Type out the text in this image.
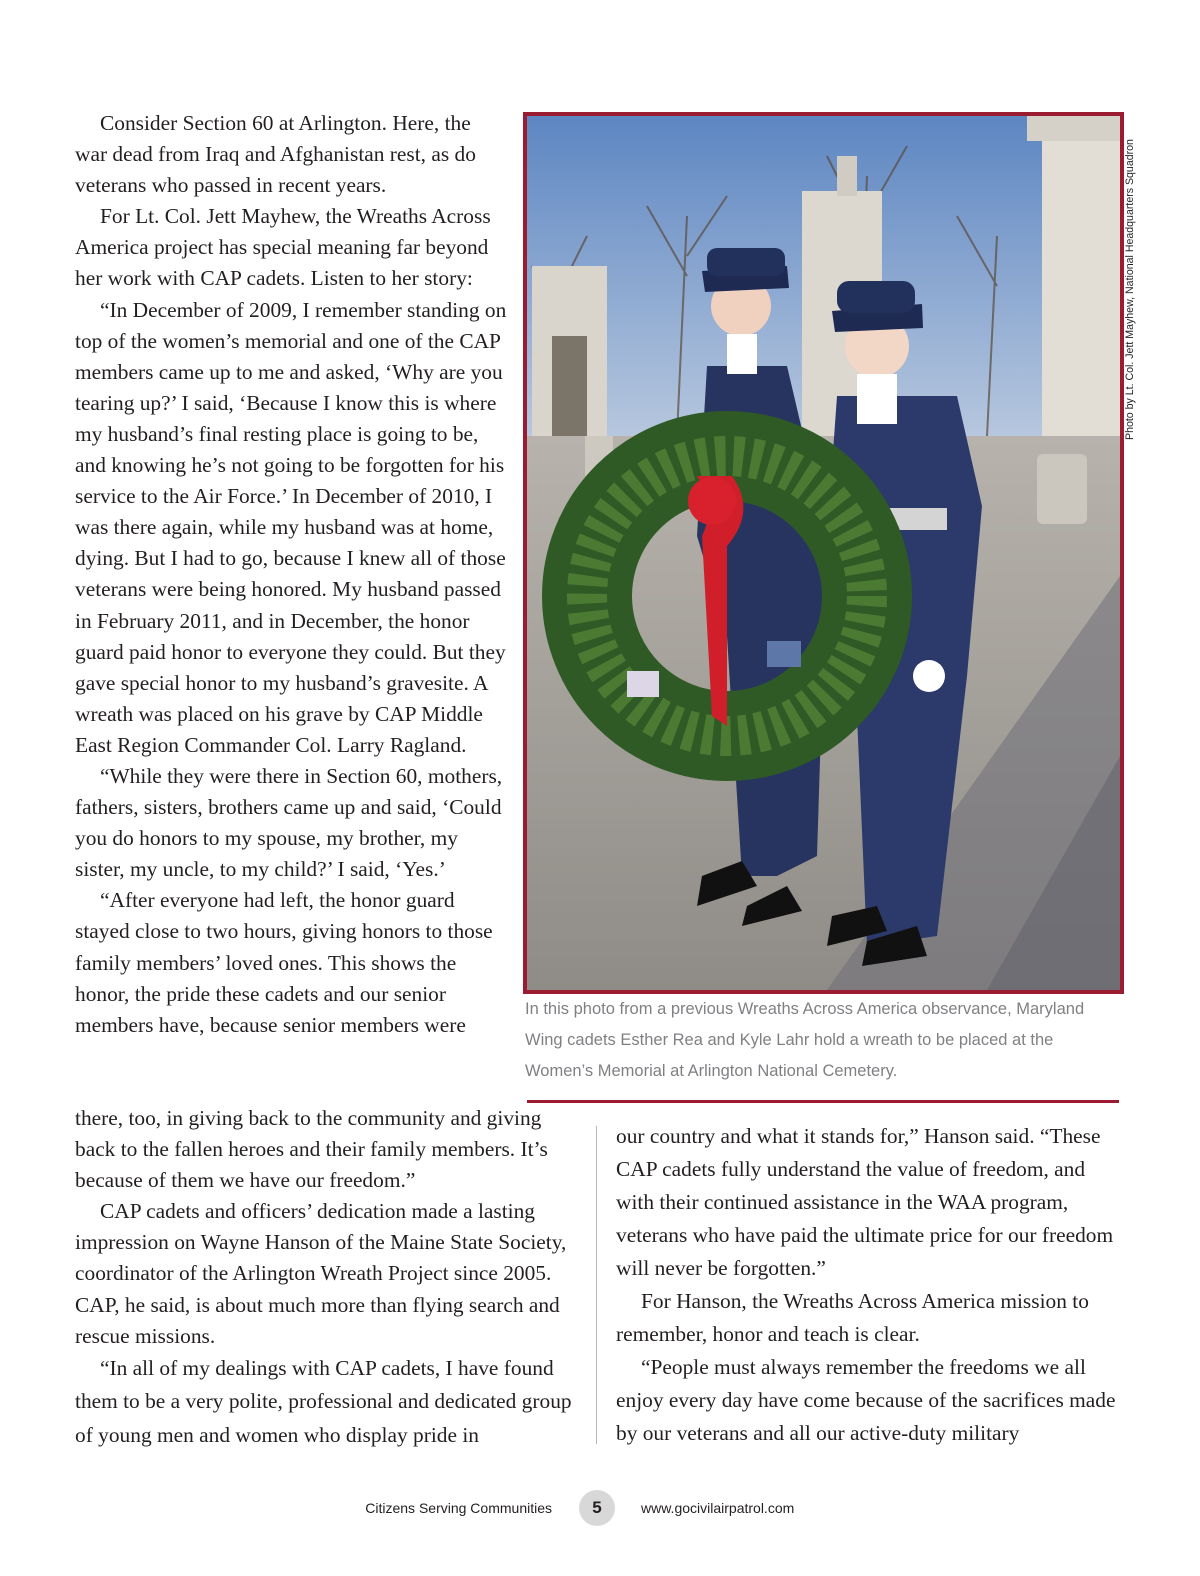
Consider Section 60 at Arlington. Here, the war dead from Iraq and Afghanistan rest, as do veterans who passed in recent years.

For Lt. Col. Jett Mayhew, the Wreaths Across America project has special meaning far beyond her work with CAP cadets. Listen to her story:

“In December of 2009, I remember standing on top of the women’s memorial and one of the CAP members came up to me and asked, ‘Why are you tearing up?’ I said, ‘Because I know this is where my husband’s final resting place is going to be, and knowing he’s not going to be forgotten for his service to the Air Force.’ In December of 2010, I was there again, while my husband was at home, dying. But I had to go, because I knew all of those veterans were being honored. My husband passed in February 2011, and in December, the honor guard paid honor to everyone they could. But they gave special honor to my husband’s gravesite. A wreath was placed on his grave by CAP Middle East Region Commander Col. Larry Ragland.

“While they were there in Section 60, mothers, fathers, sisters, brothers came up and said, ‘Could you do honors to my spouse, my brother, my sister, my uncle, to my child?’ I said, ‘Yes.’

“After everyone had left, the honor guard stayed close to two hours, giving honors to those family members’ loved ones. This shows the honor, the pride these cadets and our senior members have, because senior members were

there, too, in giving back to the community and giving back to the fallen heroes and their family members. It’s because of them we have our freedom.”

CAP cadets and officers’ dedication made a lasting impression on Wayne Hanson of the Maine State Society, coordinator of the Arlington Wreath Project since 2005. CAP, he said, is about much more than flying search and rescue missions.

“In all of my dealings with CAP cadets, I have found them to be a very polite, professional and dedicated group of young men and women who display pride in

Photo by Lt. Col. Jett Mayhew, National Headquarters Squadron
In this photo from a previous Wreaths Across America observance, Maryland Wing cadets Esther Rea and Kyle Lahr hold a wreath to be placed at the Women’s Memorial at Arlington National Cemetery.

our country and what it stands for,” Hanson said. “These CAP cadets fully understand the value of freedom, and with their continued assistance in the WAA program, veterans who have paid the ultimate price for our freedom will never be forgotten.”

For Hanson, the Wreaths Across America mission to remember, honor and teach is clear.

“People must always remember the freedoms we all enjoy every day have come because of the sacrifices made by our veterans and all our active-duty military

Citizens Serving Communities	5	www.gocivilairpatrol.com
